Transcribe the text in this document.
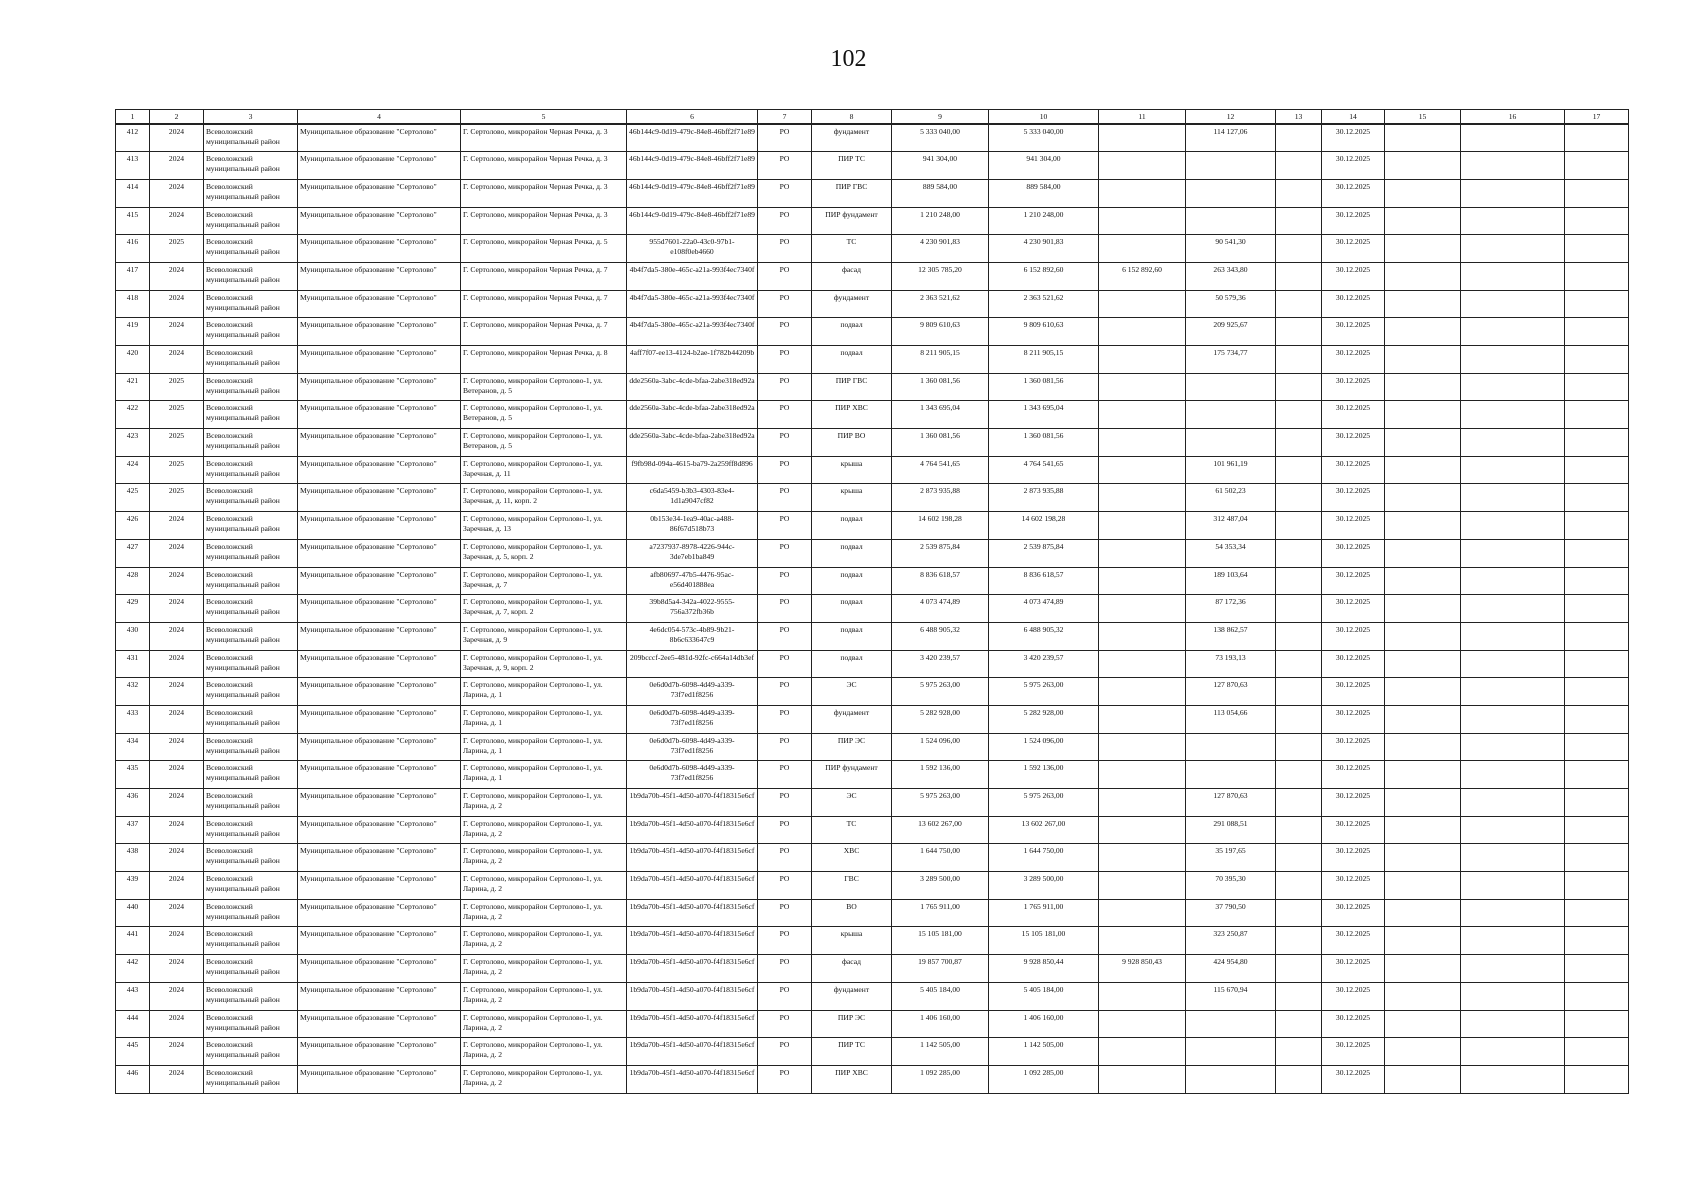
102
1	2	3	4	5	6	7	8	9	10	11	12	13	14	15	16	17
412	2024	Всеволожский муниципальный район	Муниципальное образование "Сертолово"	Г. Сертолово, микрорайон Черная Речка, д. 3	46b144c9-0d19-479c-84e8-46bff2f71e89	РО	фундамент	5 333 040,00	5 333 040,00		114 127,06		30.12.2025			
413	2024	Всеволожский муниципальный район	Муниципальное образование "Сертолово"	Г. Сертолово, микрорайон Черная Речка, д. 3	46b144c9-0d19-479c-84e8-46bff2f71e89	РО	ПИР ТС	941 304,00	941 304,00				30.12.2025			
414	2024	Всеволожский муниципальный район	Муниципальное образование "Сертолово"	Г. Сертолово, микрорайон Черная Речка, д. 3	46b144c9-0d19-479c-84e8-46bff2f71e89	РО	ПИР ГВС	889 584,00	889 584,00				30.12.2025			
415	2024	Всеволожский муниципальный район	Муниципальное образование "Сертолово"	Г. Сертолово, микрорайон Черная Речка, д. 3	46b144c9-0d19-479c-84e8-46bff2f71e89	РО	ПИР фундамент	1 210 248,00	1 210 248,00				30.12.2025			
416	2025	Всеволожский муниципальный район	Муниципальное образование "Сертолово"	Г. Сертолово, микрорайон Черная Речка, д. 5	955d7601-22a0-43c0-97b1-e108f0eb4660	РО	ТС	4 230 901,83	4 230 901,83		90 541,30		30.12.2025			
417	2024	Всеволожский муниципальный район	Муниципальное образование "Сертолово"	Г. Сертолово, микрорайон Черная Речка, д. 7	4b4f7da5-380e-465c-a21a-993f4ec7340f	РО	фасад	12 305 785,20	6 152 892,60	6 152 892,60	263 343,80		30.12.2025			
418	2024	Всеволожский муниципальный район	Муниципальное образование "Сертолово"	Г. Сертолово, микрорайон Черная Речка, д. 7	4b4f7da5-380e-465c-a21a-993f4ec7340f	РО	фундамент	2 363 521,62	2 363 521,62		50 579,36		30.12.2025			
419	2024	Всеволожский муниципальный район	Муниципальное образование "Сертолово"	Г. Сертолово, микрорайон Черная Речка, д. 7	4b4f7da5-380e-465c-a21a-993f4ec7340f	РО	подвал	9 809 610,63	9 809 610,63		209 925,67		30.12.2025			
420	2024	Всеволожский муниципальный район	Муниципальное образование "Сертолово"	Г. Сертолово, микрорайон Черная Речка, д. 8	4aff7f07-ee13-4124-b2ae-1f782b44209b	РО	подвал	8 211 905,15	8 211 905,15		175 734,77		30.12.2025			
421	2025	Всеволожский муниципальный район	Муниципальное образование "Сертолово"	Г. Сертолово, микрорайон Сертолово-1, ул. Ветеранов, д. 5	dde2560a-3abc-4cde-bfaa-2abe318ed92a	РО	ПИР ГВС	1 360 081,56	1 360 081,56				30.12.2025			
422	2025	Всеволожский муниципальный район	Муниципальное образование "Сертолово"	Г. Сертолово, микрорайон Сертолово-1, ул. Ветеранов, д. 5	dde2560a-3abc-4cde-bfaa-2abe318ed92a	РО	ПИР ХВС	1 343 695,04	1 343 695,04				30.12.2025			
423	2025	Всеволожский муниципальный район	Муниципальное образование "Сертолово"	Г. Сертолово, микрорайон Сертолово-1, ул. Ветеранов, д. 5	dde2560a-3abc-4cde-bfaa-2abe318ed92a	РО	ПИР ВО	1 360 081,56	1 360 081,56				30.12.2025			
424	2025	Всеволожский муниципальный район	Муниципальное образование "Сертолово"	Г. Сертолово, микрорайон Сертолово-1, ул. Заречная, д. 11	f9fb98d-094a-4615-ba79-2a259ff8d896	РО	крыша	4 764 541,65	4 764 541,65		101 961,19		30.12.2025			
425	2025	Всеволожский муниципальный район	Муниципальное образование "Сертолово"	Г. Сертолово, микрорайон Сертолово-1, ул. Заречная, д. 11, корп. 2	c6da5459-b3b3-4303-83e4-1d1a9047cf82	РО	крыша	2 873 935,88	2 873 935,88		61 502,23		30.12.2025			
426	2024	Всеволожский муниципальный район	Муниципальное образование "Сертолово"	Г. Сертолово, микрорайон Сертолово-1, ул. Заречная, д. 13	0b153e34-1ea9-40ac-a488-86f67d518b73	РО	подвал	14 602 198,28	14 602 198,28		312 487,04		30.12.2025			
427	2024	Всеволожский муниципальный район	Муниципальное образование "Сертолово"	Г. Сертолово, микрорайон Сертолово-1, ул. Заречная, д. 5, корп. 2	a7237937-8978-4226-944c-3de7eb1ba849	РО	подвал	2 539 875,84	2 539 875,84		54 353,34		30.12.2025			
428	2024	Всеволожский муниципальный район	Муниципальное образование "Сертолово"	Г. Сертолово, микрорайон Сертолово-1, ул. Заречная, д. 7	afb80697-47b5-4476-95ac-e56d401888ea	РО	подвал	8 836 618,57	8 836 618,57		189 103,64		30.12.2025			
429	2024	Всеволожский муниципальный район	Муниципальное образование "Сертолово"	Г. Сертолово, микрорайон Сертолово-1, ул. Заречная, д. 7, корп. 2	39b8d5a4-342a-4022-9555-756a372fb36b	РО	подвал	4 073 474,89	4 073 474,89		87 172,36		30.12.2025			
430	2024	Всеволожский муниципальный район	Муниципальное образование "Сертолово"	Г. Сертолово, микрорайон Сертолово-1, ул. Заречная, д. 9	4e6dc054-573c-4b89-9b21-8b6c633647c9	РО	подвал	6 488 905,32	6 488 905,32		138 862,57		30.12.2025			
431	2024	Всеволожский муниципальный район	Муниципальное образование "Сертолово"	Г. Сертолово, микрорайон Сертолово-1, ул. Заречная, д. 9, корп. 2	209bcccf-2ee5-481d-92fc-c664a14db3ef	РО	подвал	3 420 239,57	3 420 239,57		73 193,13		30.12.2025			
432	2024	Всеволожский муниципальный район	Муниципальное образование "Сертолово"	Г. Сертолово, микрорайон Сертолово-1, ул. Ларина, д. 1	0e6d0d7b-6098-4d49-a339-73f7ed1f8256	РО	ЭС	5 975 263,00	5 975 263,00		127 870,63		30.12.2025			
433	2024	Всеволожский муниципальный район	Муниципальное образование "Сертолово"	Г. Сертолово, микрорайон Сертолово-1, ул. Ларина, д. 1	0e6d0d7b-6098-4d49-a339-73f7ed1f8256	РО	фундамент	5 282 928,00	5 282 928,00		113 054,66		30.12.2025			
434	2024	Всеволожский муниципальный район	Муниципальное образование "Сертолово"	Г. Сертолово, микрорайон Сертолово-1, ул. Ларина, д. 1	0e6d0d7b-6098-4d49-a339-73f7ed1f8256	РО	ПИР ЭС	1 524 096,00	1 524 096,00				30.12.2025			
435	2024	Всеволожский муниципальный район	Муниципальное образование "Сертолово"	Г. Сертолово, микрорайон Сертолово-1, ул. Ларина, д. 1	0e6d0d7b-6098-4d49-a339-73f7ed1f8256	РО	ПИР фундамент	1 592 136,00	1 592 136,00				30.12.2025			
436	2024	Всеволожский муниципальный район	Муниципальное образование "Сертолово"	Г. Сертолово, микрорайон Сертолово-1, ул. Ларина, д. 2	1b9da70b-45f1-4d50-a070-f4f18315e6cf	РО	ЭС	5 975 263,00	5 975 263,00		127 870,63		30.12.2025			
437	2024	Всеволожский муниципальный район	Муниципальное образование "Сертолово"	Г. Сертолово, микрорайон Сертолово-1, ул. Ларина, д. 2	1b9da70b-45f1-4d50-a070-f4f18315e6cf	РО	ТС	13 602 267,00	13 602 267,00		291 088,51		30.12.2025			
438	2024	Всеволожский муниципальный район	Муниципальное образование "Сертолово"	Г. Сертолово, микрорайон Сертолово-1, ул. Ларина, д. 2	1b9da70b-45f1-4d50-a070-f4f18315e6cf	РО	ХВС	1 644 750,00	1 644 750,00		35 197,65		30.12.2025			
439	2024	Всеволожский муниципальный район	Муниципальное образование "Сертолово"	Г. Сертолово, микрорайон Сертолово-1, ул. Ларина, д. 2	1b9da70b-45f1-4d50-a070-f4f18315e6cf	РО	ГВС	3 289 500,00	3 289 500,00		70 395,30		30.12.2025			
440	2024	Всеволожский муниципальный район	Муниципальное образование "Сертолово"	Г. Сертолово, микрорайон Сертолово-1, ул. Ларина, д. 2	1b9da70b-45f1-4d50-a070-f4f18315e6cf	РО	ВО	1 765 911,00	1 765 911,00		37 790,50		30.12.2025			
441	2024	Всеволожский муниципальный район	Муниципальное образование "Сертолово"	Г. Сертолово, микрорайон Сертолово-1, ул. Ларина, д. 2	1b9da70b-45f1-4d50-a070-f4f18315e6cf	РО	крыша	15 105 181,00	15 105 181,00		323 250,87		30.12.2025			
442	2024	Всеволожский муниципальный район	Муниципальное образование "Сертолово"	Г. Сертолово, микрорайон Сертолово-1, ул. Ларина, д. 2	1b9da70b-45f1-4d50-a070-f4f18315e6cf	РО	фасад	19 857 700,87	9 928 850,44	9 928 850,43	424 954,80		30.12.2025			
443	2024	Всеволожский муниципальный район	Муниципальное образование "Сертолово"	Г. Сертолово, микрорайон Сертолово-1, ул. Ларина, д. 2	1b9da70b-45f1-4d50-a070-f4f18315e6cf	РО	фундамент	5 405 184,00	5 405 184,00		115 670,94		30.12.2025			
444	2024	Всеволожский муниципальный район	Муниципальное образование "Сертолово"	Г. Сертолово, микрорайон Сертолово-1, ул. Ларина, д. 2	1b9da70b-45f1-4d50-a070-f4f18315e6cf	РО	ПИР ЭС	1 406 160,00	1 406 160,00				30.12.2025			
445	2024	Всеволожский муниципальный район	Муниципальное образование "Сертолово"	Г. Сертолово, микрорайон Сертолово-1, ул. Ларина, д. 2	1b9da70b-45f1-4d50-a070-f4f18315e6cf	РО	ПИР ТС	1 142 505,00	1 142 505,00				30.12.2025			
446	2024	Всеволожский муниципальный район	Муниципальное образование "Сертолово"	Г. Сертолово, микрорайон Сертолово-1, ул. Ларина, д. 2	1b9da70b-45f1-4d50-a070-f4f18315e6cf	РО	ПИР ХВС	1 092 285,00	1 092 285,00				30.12.2025			
